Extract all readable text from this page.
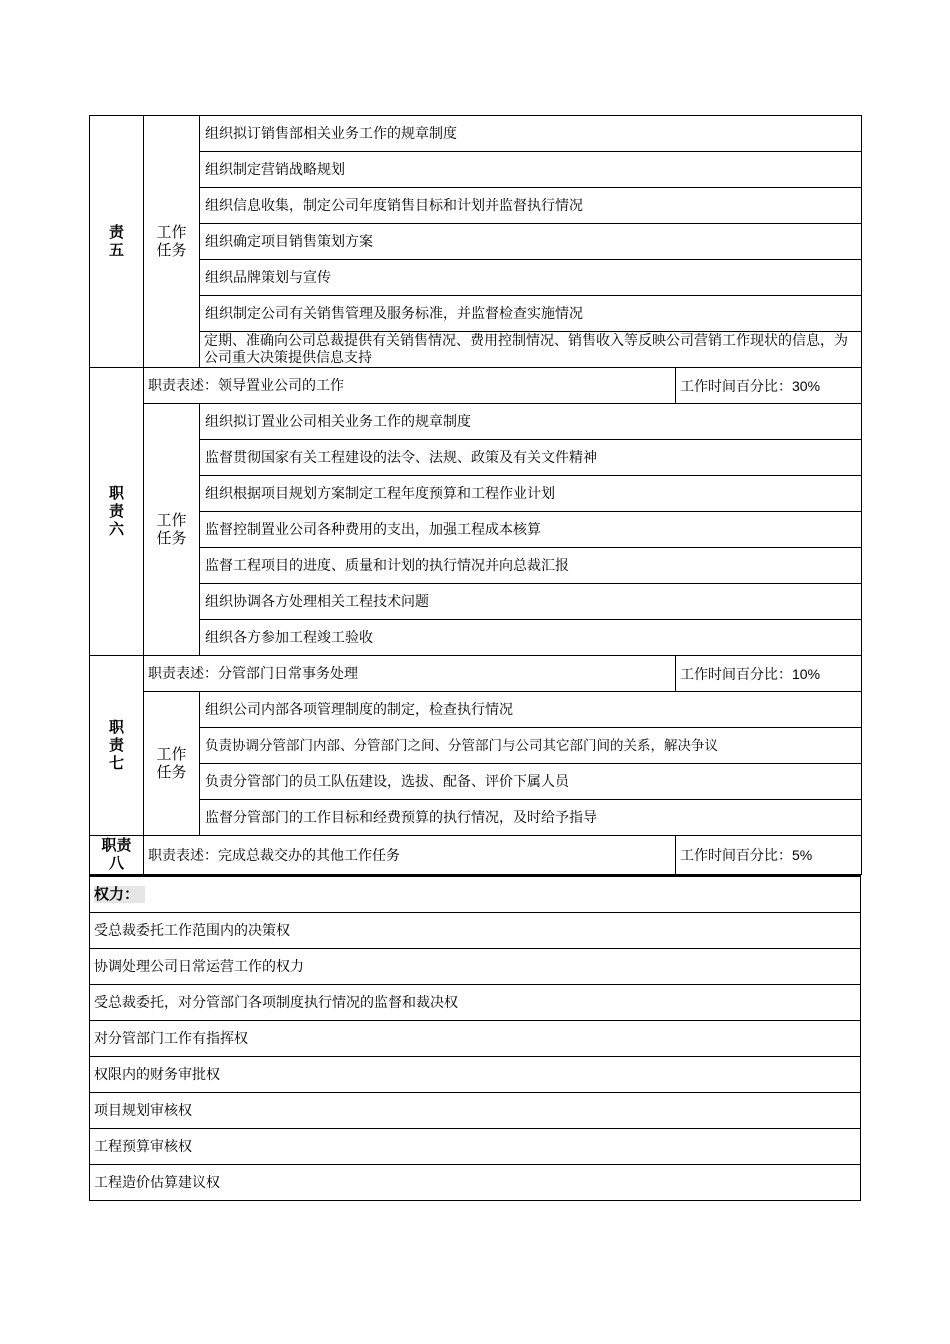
责
五	工作
任务	组织拟订销售部相关业务工作的规章制度	
		组织制定营销战略规划	
		组织信息收集，制定公司年度销售目标和计划并监督执行情况	
		组织确定项目销售策划方案	
		组织品牌策划与宣传	
		组织制定公司有关销售管理及服务标准，并监督检查实施情况	
		定期、准确向公司总裁提供有关销售情况、费用控制情况、销售收入等反映公司营销工作现状的信息，为公司重大决策提供信息支持	

职
责
六	职责表述：领导置业公司的工作		工作时间百分比：30%

	工作
任务	组织拟订置业公司相关业务工作的规章制度	
		监督贯彻国家有关工程建设的法令、法规、政策及有关文件精神	
		组织根据项目规划方案制定工程年度预算和工程作业计划	
		监督控制置业公司各种费用的支出，加强工程成本核算	
		监督工程项目的进度、质量和计划的执行情况并向总裁汇报	
		组织协调各方处理相关工程技术问题	
		组织各方参加工程竣工验收	

职
责
七	职责表述：分管部门日常事务处理		工作时间百分比：10%

	工作
任务	组织公司内部各项管理制度的制定，检查执行情况	
		负责协调分管部门内部、分管部门之间、分管部门与公司其它部门间的关系，解决争议	
		负责分管部门的员工队伍建设，选拔、配备、评价下属人员	
		监督分管部门的工作目标和经费预算的执行情况，及时给予指导	

职责
八	职责表述：完成总裁交办的其他工作任务		工作时间百分比：5%
权力：
受总裁委托工作范围内的决策权
协调处理公司日常运营工作的权力
受总裁委托，对分管部门各项制度执行情况的监督和裁决权
对分管部门工作有指挥权
权限内的财务审批权
项目规划审核权
工程预算审核权
工程造价估算建议权
